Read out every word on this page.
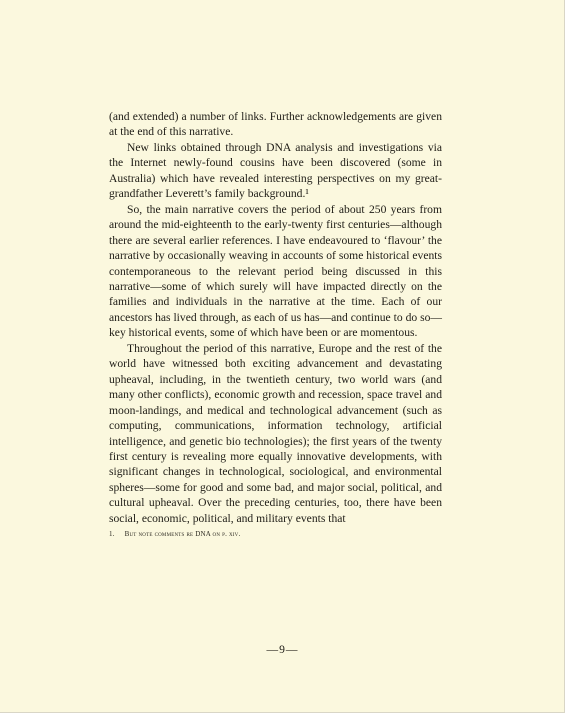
(and extended) a number of links. Further acknowledgements are given at the end of this narrative.

New links obtained through DNA analysis and investigations via the Internet newly-found cousins have been discovered (some in Australia) which have revealed interesting perspectives on my great-grandfather Leverett’s family background.¹

So, the main narrative covers the period of about 250 years from around the mid-eighteenth to the early-twenty first centuries—although there are several earlier references. I have endeavoured to ‘flavour’ the narrative by occasionally weaving in accounts of some historical events contemporaneous to the relevant period being discussed in this narrative—some of which surely will have impacted directly on the families and individuals in the narrative at the time. Each of our ancestors has lived through, as each of us has—and continue to do so—key historical events, some of which have been or are momentous.

Throughout the period of this narrative, Europe and the rest of the world have witnessed both exciting advancement and devastating upheaval, including, in the twentieth century, two world wars (and many other conflicts), economic growth and recession, space travel and moon-landings, and medical and technological advancement (such as computing, communications, information technology, artificial intelligence, and genetic bio technologies); the first years of the twenty first century is revealing more equally innovative developments, with significant changes in technological, sociological, and environmental spheres—some for good and some bad, and major social, political, and cultural upheaval. Over the preceding centuries, too, there have been social, economic, political, and military events that

1. But note comments re DNA on p. xiv.
—9—
